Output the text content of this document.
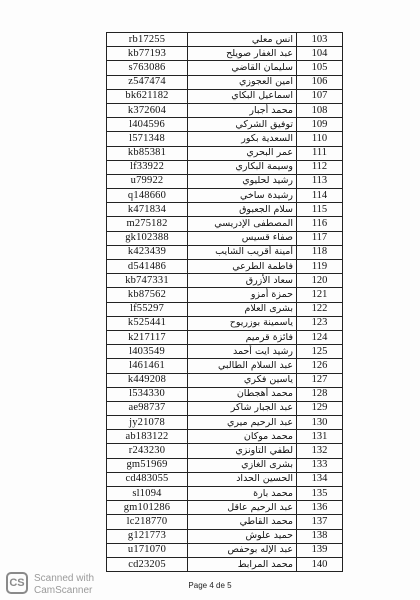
rb17255	انس معلي	103
kb77193	عبد الغفار صويلح	104
s763086	سليمان القاضي	105
z547474	امين العجوزي	106
bk621182	اسماعيل البكاي	107
k372604	محمد أجبار	108
l404596	توفيق الشركي	109
l571348	السعدية بكور	110
kb85381	عمر البحري	111
lf33922	وسيمة البكاري	112
u79922	رشيد لحليوي	113
q148660	رشيدة ساخي	114
k471834	سلام الجعبوق	115
m275182	المصطفى الإدريسي	116
gk102388	صفاء قسيس	117
k423439	أمينة أقريب الشايب	118
d541486	فاطمة الطرعي	119
kb747331	سعاد الأزرق	120
kb87562	حمزة أمزو	121
lf55297	بشرى العلام	122
k525441	ياسمينة بوزريوح	123
k217117	فائزة قرميم	124
l403549	رشيد ايت أحمد	125
l461461	عبد السلام الطالبي	126
k449208	ياسين فكري	127
l534330	محمد أهجطان	128
ae98737	عبد الجبار شاكر	129
jy21078	عبد الرحيم ميري	130
ab183122	محمد موكان	131
r243230	لطفي التاونزي	132
gm51969	بشرى الغازي	133
cd483055	الحسين الحداد	134
sl1094	محمد بارة	135
gm101286	عبد الرحيم عاقل	136
lc218770	محمد القاطي	137
g121773	حميد علوش	138
u171070	عبد الإله بوحفص	139
cd23205	محمد المرابط	140
Page 4 de 5
CS Scanned with
CamScanner
